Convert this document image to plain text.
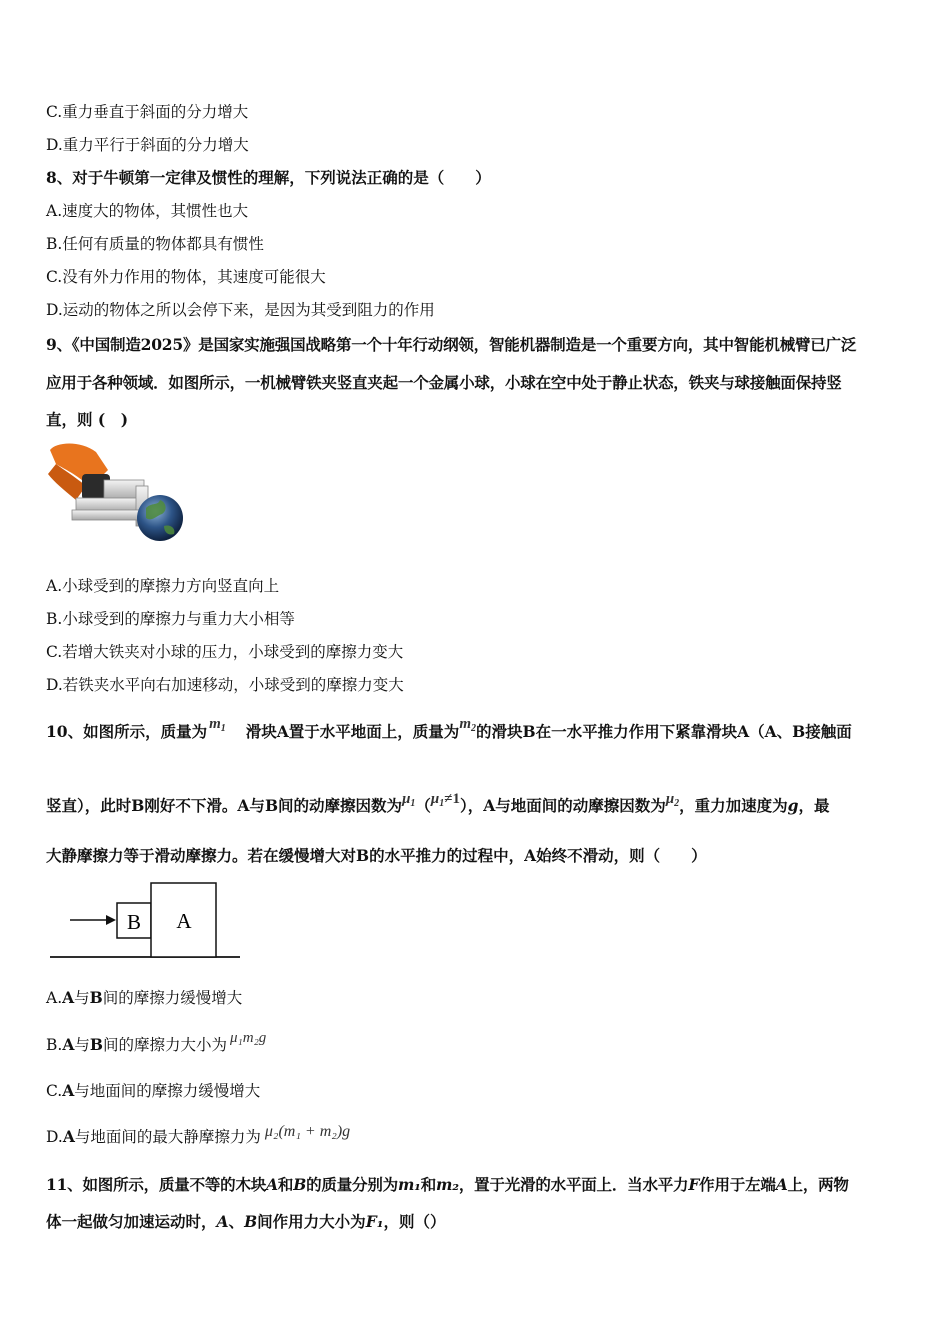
C.重力垂直于斜面的分力增大
D.重力平行于斜面的分力增大
8、对于牛顿第一定律及惯性的理解，下列说法正确的是（　　）
A.速度大的物体，其惯性也大
B.任何有质量的物体都具有惯性
C.没有外力作用的物体，其速度可能很大
D.运动的物体之所以会停下来，是因为其受到阻力的作用
9、《中国制造2025》是国家实施强国战略第一个十年行动纲领，智能机器制造是一个重要方向，其中智能机械臂已广泛
应用于各种领域．如图所示，一机械臂铁夹竖直夹起一个金属小球，小球在空中处于静止状态，铁夹与球接触面保持竖
直，则 (　)
A.小球受到的摩擦力方向竖直向上
B.小球受到的摩擦力与重力大小相等
C.若增大铁夹对小球的压力，小球受到的摩擦力变大
D.若铁夹水平向右加速移动，小球受到的摩擦力变大
10、如图所示，质量为 $m_1$ 滑块A置于水平地面上，质量为$m_2$的滑块B在一水平推力作用下紧靠滑块A（A、B接触面
竖直），此时B刚好不下滑。A与B间的动摩擦因数为$\mu_1(\mu_1\ne 1)$，A与地面间的动摩擦因数为$\mu_2$，重力加速度为g，最
大静摩擦力等于滑动摩擦力。若在缓慢增大对B的水平推力的过程中，A始终不滑动，则（　　）
B A
A.A与B间的摩擦力缓慢增大
B.A与B间的摩擦力大小为 μ₁m₂g
C.A与地面间的摩擦力缓慢增大
D.A与地面间的最大静摩擦力为 μ₂(m₁ + m₂)g
11、如图所示，质量不等的木块A和B的质量分别为m₁和m₂，置于光滑的水平面上．当水平力F作用于左端A上，两物
体一起做匀加速运动时，A、B间作用力大小为F₁，则（）
